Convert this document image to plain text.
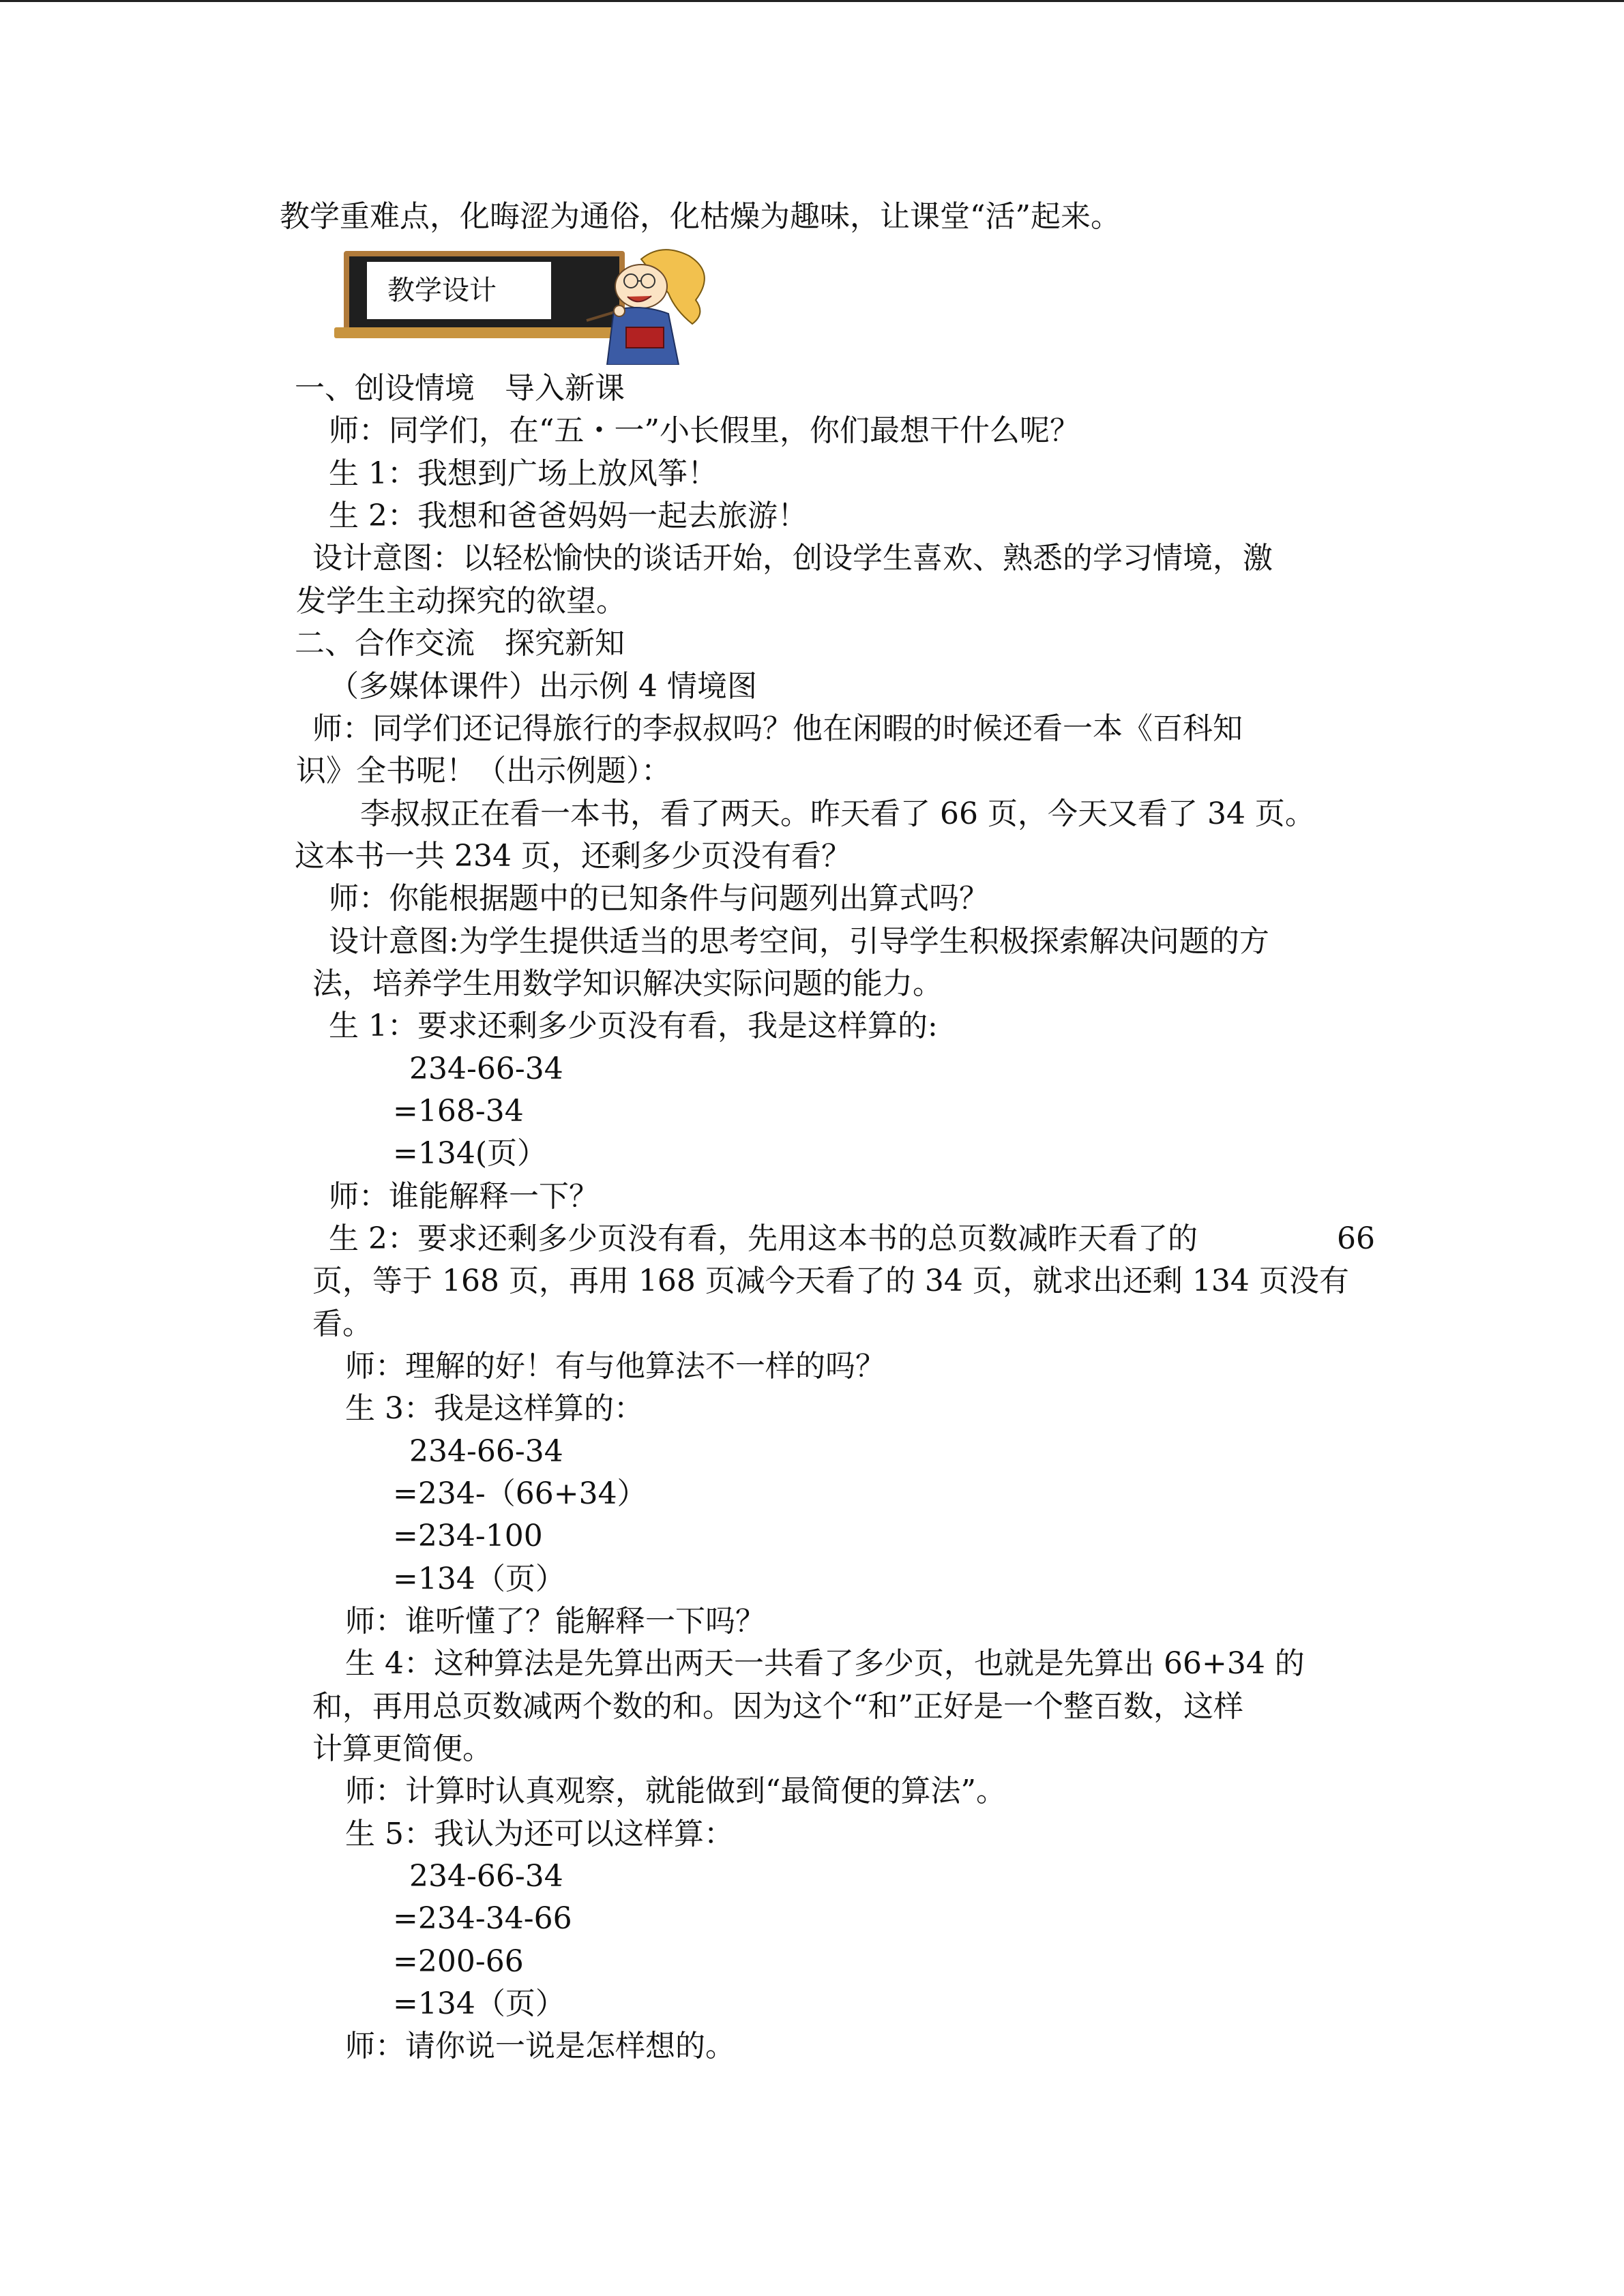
教学重难点，化晦涩为通俗，化枯燥为趣味，让课堂“活”起来。
教学设计
一、创设情境　导入新课
师：同学们，在“五・一”小长假里，你们最想干什么呢？
生 1：我想到广场上放风筝！
生 2：我想和爸爸妈妈一起去旅游！
设计意图：以轻松愉快的谈话开始，创设学生喜欢、熟悉的学习情境，激
发学生主动探究的欲望。
二、合作交流　探究新知
（多媒体课件）出示例 4 情境图
师：同学们还记得旅行的李叔叔吗？他在闲暇的时候还看一本《百科知
识》全书呢！（出示例题）：
李叔叔正在看一本书，看了两天。昨天看了 66 页，今天又看了 34 页。
这本书一共 234 页，还剩多少页没有看？
师：你能根据题中的已知条件与问题列出算式吗？
设计意图:为学生提供适当的思考空间，引导学生积极探索解决问题的方
法，培养学生用数学知识解决实际问题的能力。
生 1：要求还剩多少页没有看，我是这样算的:
234-66-34
=168-34
=134(页）
师：谁能解释一下？
生 2：要求还剩多少页没有看，先用这本书的总页数减昨天看了的	66
页，等于 168 页，再用 168 页减今天看了的 34 页，就求出还剩 134 页没有
看。
师：理解的好！有与他算法不一样的吗？
生 3：我是这样算的：
234-66-34
=234-（66+34）
=234-100
=134（页）
师：谁听懂了？能解释一下吗？
生 4：这种算法是先算出两天一共看了多少页，也就是先算出 66+34 的
和，再用总页数减两个数的和。因为这个“和”正好是一个整百数，这样
计算更简便。
师：计算时认真观察，就能做到“最简便的算法”。
生 5：我认为还可以这样算：
234-66-34
=234-34-66
=200-66
=134（页）
师：请你说一说是怎样想的。
